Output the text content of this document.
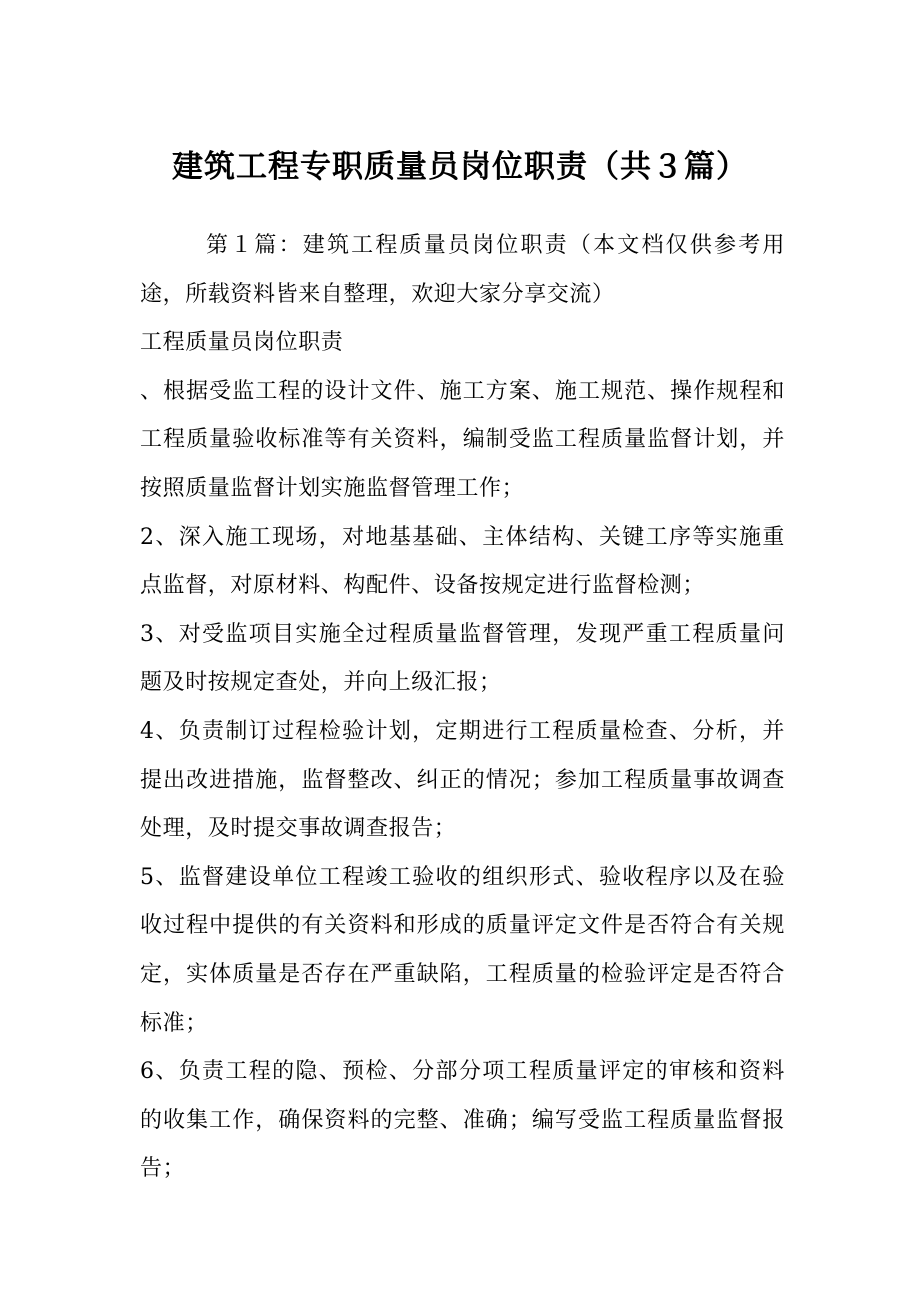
建筑工程专职质量员岗位职责（共３篇）

第１篇：建筑工程质量员岗位职责（本文档仅供参考用途，所载资料皆来自整理，欢迎大家分享交流）

工程质量员岗位职责

、根据受监工程的设计文件、施工方案、施工规范、操作规程和工程质量验收标准等有关资料，编制受监工程质量监督计划，并按照质量监督计划实施监督管理工作；

2、深入施工现场，对地基基础、主体结构、关键工序等实施重点监督，对原材料、构配件、设备按规定进行监督检测；

3、对受监项目实施全过程质量监督管理，发现严重工程质量问题及时按规定查处，并向上级汇报；

4、负责制订过程检验计划，定期进行工程质量检查、分析，并提出改进措施，监督整改、纠正的情况；参加工程质量事故调查处理，及时提交事故调查报告；

5、监督建设单位工程竣工验收的组织形式、验收程序以及在验收过程中提供的有关资料和形成的质量评定文件是否符合有关规定，实体质量是否存在严重缺陷，工程质量的检验评定是否符合标准；

6、负责工程的隐、预检、分部分项工程质量评定的审核和资料的收集工作，确保资料的完整、准确；编写受监工程质量监督报告；
